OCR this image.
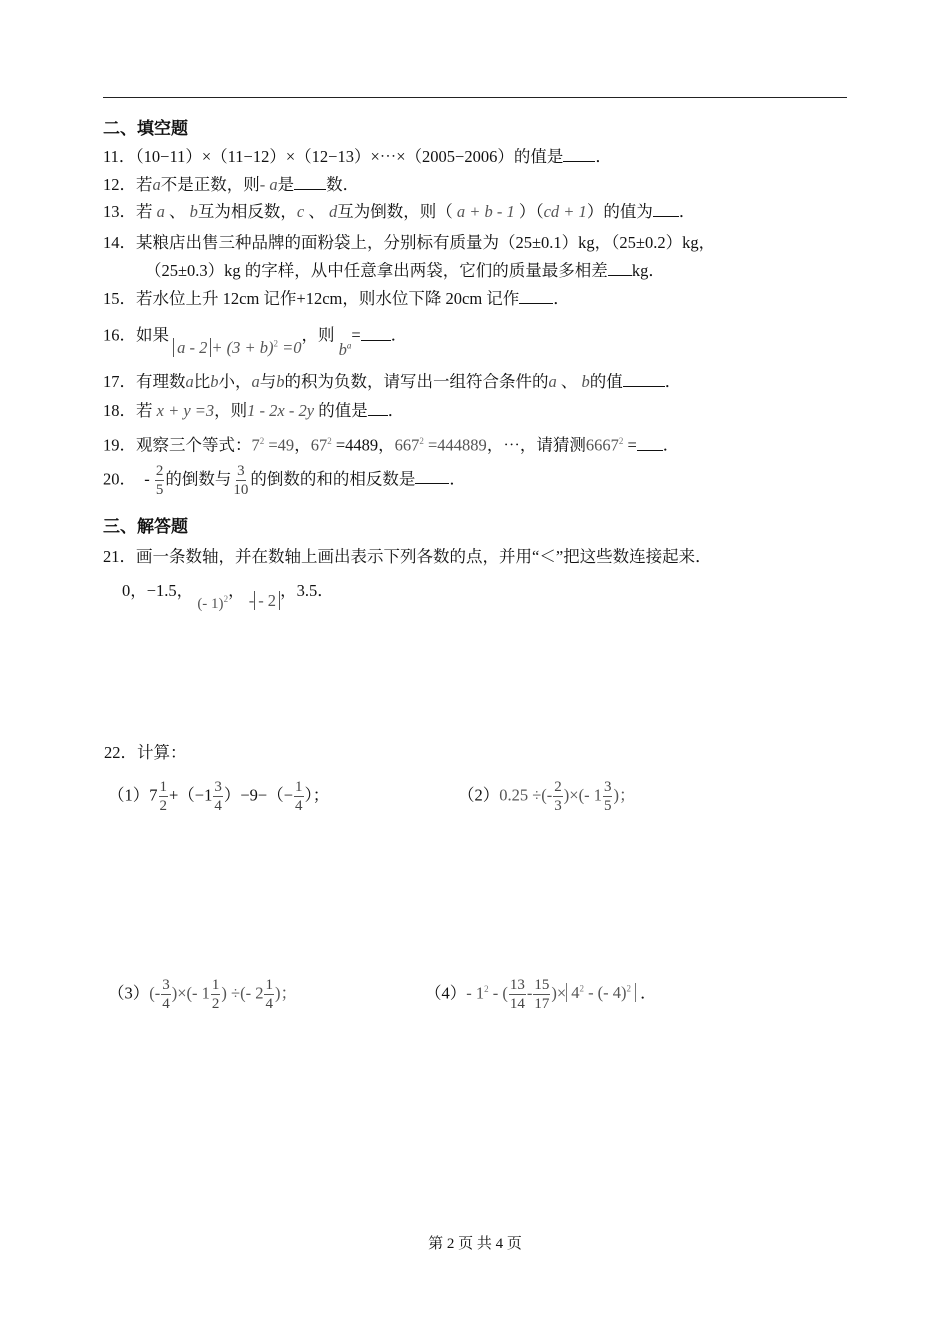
二、填空题
11．（10−11）×（11−12）×（12−13）×⋯×（2005−2006）的值是 ．
12．若a不是正数，则- a是 数．
13．若 a 、 b互为相反数，c 、 d互为倒数，则（ a + b - 1 ）（cd + 1）的值为 ．
14．某粮店出售三种品牌的面粉袋上，分别标有质量为（25±0.1）kg，（25±0.2）kg，
（25±0.3）kg 的字样，从中任意拿出两袋，它们的质量最多相差 kg．
15．若水位上升 12cm 记作+12cm，则水位下降 20cm 记作 ．
16．如果 $a - 2 + (3 + b)^2 =0$，则 $b^a=$ ．
17．有理数a比b小，a与b的积为负数，请写出一组符合条件的a 、 b的值	．
18．若 x + y =3，则1 - 2x - 2y 的值是 ．
19．观察三个等式：$7^2 =49$，$67^2 =4489$，$667^2 =444889$，⋯，请猜测$6667^2$ = ．
20． - $\frac{2}{5}$ 的倒数与 $\frac{3}{10}$ 的倒数的和的相反数是 ．
三、解答题
21．画一条数轴，并在数轴上画出表示下列各数的点，并用“＜”把这些数连接起来．
0，−1.5， (- 1)$^2$， - - 2，3.5．
22．计算：
$(1)7 \frac{1}{2} +(-1 \frac{3}{4} )-9-(- \frac{1}{4}$ ）；	（2）0.25 ÷(- $\frac{2}{3}$ )×(- $1 \frac{3}{5}$ )；
$(3)(- \frac{3}{4}$ )×(- $1 \frac{1}{2}$ ) ÷(- $2 \frac{1}{4}$ )；	（4）- $1^2$ - ( $\frac{13}{14} - \frac{15}{17}$ )× $4^2$ - (- 4)$^2$ ．
第 2 页 共 4 页
